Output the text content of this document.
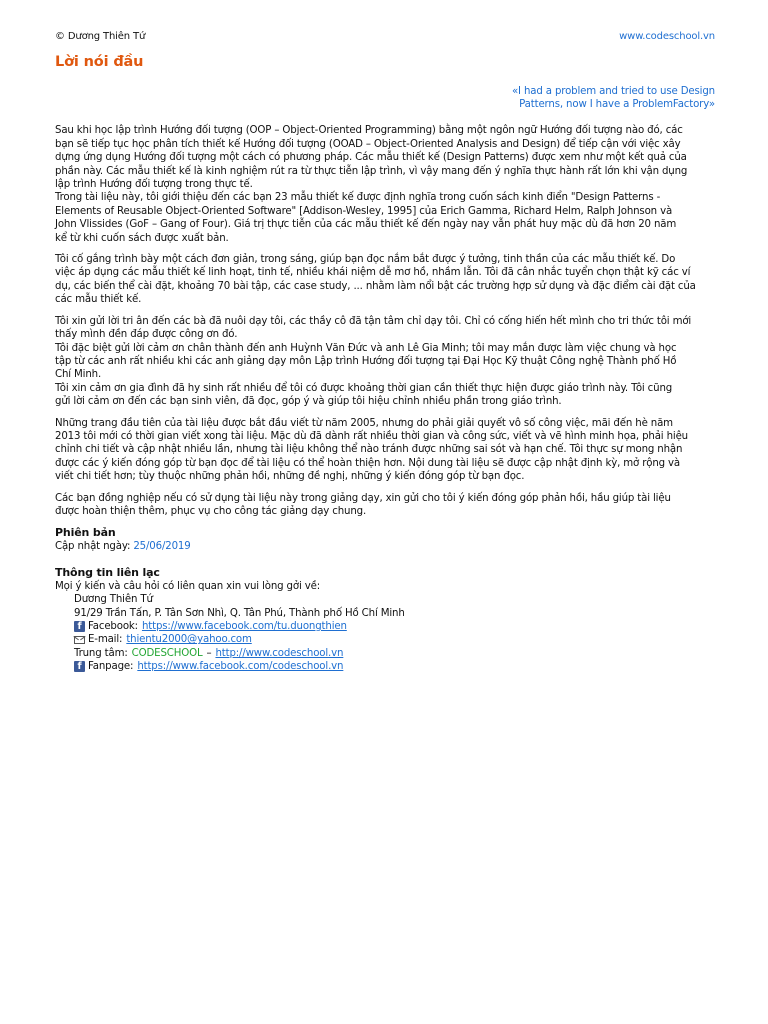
© Dương Thiên Tứ	www.codeschool.vn
Lời nói đầu
«I had a problem and tried to use Design
Patterns, now I have a ProblemFactory»
Sau khi học lập trình Hướng đối tượng (OOP – Object-Oriented Programming) bằng một ngôn ngữ Hướng đối tượng nào đó, các
bạn sẽ tiếp tục học phân tích thiết kế Hướng đối tượng (OOAD – Object-Oriented Analysis and Design) để tiếp cận với việc xây
dựng ứng dụng Hướng đối tượng một cách có phương pháp. Các mẫu thiết kế (Design Patterns) được xem như một kết quả của
phần này. Các mẫu thiết kế là kinh nghiệm rút ra từ thực tiễn lập trình, vì vậy mang đến ý nghĩa thực hành rất lớn khi vận dụng
lập trình Hướng đối tượng trong thực tế.
Trong tài liệu này, tôi giới thiệu đến các bạn 23 mẫu thiết kế được định nghĩa trong cuốn sách kinh điển "Design Patterns -
Elements of Reusable Object-Oriented Software" [Addison-Wesley, 1995] của Erich Gamma, Richard Helm, Ralph Johnson và
John Vlissides (GoF – Gang of Four). Giá trị thực tiễn của các mẫu thiết kế đến ngày nay vẫn phát huy mặc dù đã hơn 20 năm
kể từ khi cuốn sách được xuất bản.
Tôi cố gắng trình bày một cách đơn giản, trong sáng, giúp bạn đọc nắm bắt được ý tưởng, tinh thần của các mẫu thiết kế. Do
việc áp dụng các mẫu thiết kế linh hoạt, tinh tế, nhiều khái niệm dễ mơ hồ, nhầm lẫn. Tôi đã cân nhắc tuyển chọn thật kỹ các ví
dụ, các biến thể cài đặt, khoảng 70 bài tập, các case study, ... nhằm làm nổi bật các trường hợp sử dụng và đặc điểm cài đặt của
các mẫu thiết kế.
Tôi xin gửi lời tri ân đến các bà đã nuôi dạy tôi, các thầy cô đã tận tâm chỉ dạy tôi. Chỉ có cống hiến hết mình cho tri thức tôi mới
thấy mình đền đáp được công ơn đó.
Tôi đặc biệt gửi lời cảm ơn chân thành đến anh Huỳnh Văn Đức và anh Lê Gia Minh; tôi may mắn được làm việc chung và học
tập từ các anh rất nhiều khi các anh giảng dạy môn Lập trình Hướng đối tượng tại Đại Học Kỹ thuật Công nghệ Thành phố Hồ
Chí Minh.
Tôi xin cảm ơn gia đình đã hy sinh rất nhiều để tôi có được khoảng thời gian cần thiết thực hiện được giáo trình này. Tôi cũng
gửi lời cảm ơn đến các bạn sinh viên, đã đọc, góp ý và giúp tôi hiệu chỉnh nhiều phần trong giáo trình.
Những trang đầu tiên của tài liệu được bắt đầu viết từ năm 2005, nhưng do phải giải quyết vô số công việc, mãi đến hè năm
2013 tôi mới có thời gian viết xong tài liệu. Mặc dù đã dành rất nhiều thời gian và công sức, viết và vẽ hình minh họa, phải hiệu
chỉnh chi tiết và cập nhật nhiều lần, nhưng tài liệu không thể nào tránh được những sai sót và hạn chế. Tôi thực sự mong nhận
được các ý kiến đóng góp từ bạn đọc để tài liệu có thể hoàn thiện hơn. Nội dung tài liệu sẽ được cập nhật định kỳ, mở rộng và
viết chi tiết hơn; tùy thuộc những phản hồi, những đề nghị, những ý kiến đóng góp từ bạn đọc.
Các bạn đồng nghiệp nếu có sử dụng tài liệu này trong giảng dạy, xin gửi cho tôi ý kiến đóng góp phản hồi, hầu giúp tài liệu
được hoàn thiện thêm, phục vụ cho công tác giảng dạy chung.
Phiên bản
Cập nhật ngày: 25/06/2019
Thông tin liên lạc
Mọi ý kiến và câu hỏi có liên quan xin vui lòng gởi về:
Dương Thiên Tứ
91/29 Trần Tấn, P. Tân Sơn Nhì, Q. Tân Phú, Thành phố Hồ Chí Minh
f Facebook: https://www.facebook.com/tu.duongthien
E-mail: thientu2000@yahoo.com
Trung tâm: CODESCHOOL – http://www.codeschool.vn
f Fanpage: https://www.facebook.com/codeschool.vn
